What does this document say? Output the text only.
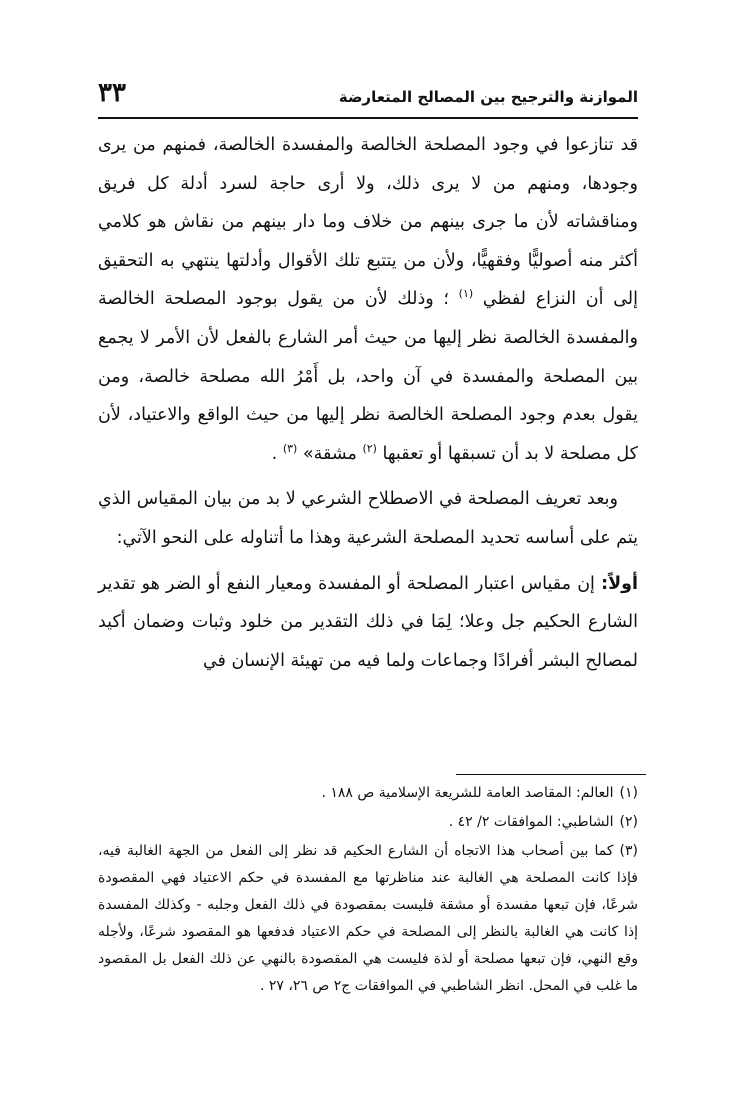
٣٣	الموازنة والترجيح بين المصالح المتعارضة

قد تنازعوا في وجود المصلحة الخالصة والمفسدة الخالصة، فمنهم من يرى وجودها، ومنهم من لا يرى ذلك، ولا أرى حاجة لسرد أدلة كل فريق ومناقشاته لأن ما جرى بينهم من خلاف وما دار بينهم من نقاش هو كلامي أكثر منه أصوليًّا وفقهيًّا، ولأن من يتتبع تلك الأقوال وأدلتها ينتهي به التحقيق إلى أن النزاع لفظي $^{(١)}$ ؛ وذلك لأن من يقول بوجود المصلحة الخالصة والمفسدة الخالصة نظر إليها من حيث أمر الشارع بالفعل لأن الأمر لا يجمع بين المصلحة والمفسدة في آن واحد، بل أَمْرُ الله مصلحة خالصة، ومن يقول بعدم وجود المصلحة الخالصة نظر إليها من حيث الواقع والاعتياد، لأن كل مصلحة لا بد أن تسبقها أو تعقبها $^{(٢)}$ مشقة» $^{(٣)}$ .

وبعد تعريف المصلحة في الاصطلاح الشرعي لا بد من بيان المقياس الذي يتم على أساسه تحديد المصلحة الشرعية وهذا ما أتناوله على النحو الآتي:

أولاً: إن مقياس اعتبار المصلحة أو المفسدة ومعيار النفع أو الضر هو تقدير الشارع الحكيم جل وعلا؛ لِمَا في ذلك التقدير من خلود وثبات وضمان أكيد لمصالح البشر أفرادًا وجماعات ولما فيه من تهيئة الإنسان في

(١)العالم: المقاصد العامة للشريعة الإسلامية ص ١٨٨ .

(٢)الشاطبي: الموافقات ٢/ ٤٢ .

(٣)كما بين أصحاب هذا الاتجاه أن الشارع الحكيم قد نظر إلى الفعل من الجهة الغالبة فيه، فإذا كانت المصلحة هي الغالبة عند مناظرتها مع المفسدة في حكم الاعتياد فهي المقصودة شرعًا، فإن تبعها مفسدة أو مشقة فليست بمقصودة في ذلك الفعل وجلبه - وكذلك المفسدة إذا كانت هي الغالبة بالنظر إلى المصلحة في حكم الاعتياد فدفعها هو المقصود شرعًا، ولأجله وقع النهي، فإن تبعها مصلحة أو لذة فليست هي المقصودة بالنهي عن ذلك الفعل بل المقصود ما غلب في المحل. انظر الشاطبي في الموافقات ج٢ ص ٢٦، ٢٧ .
